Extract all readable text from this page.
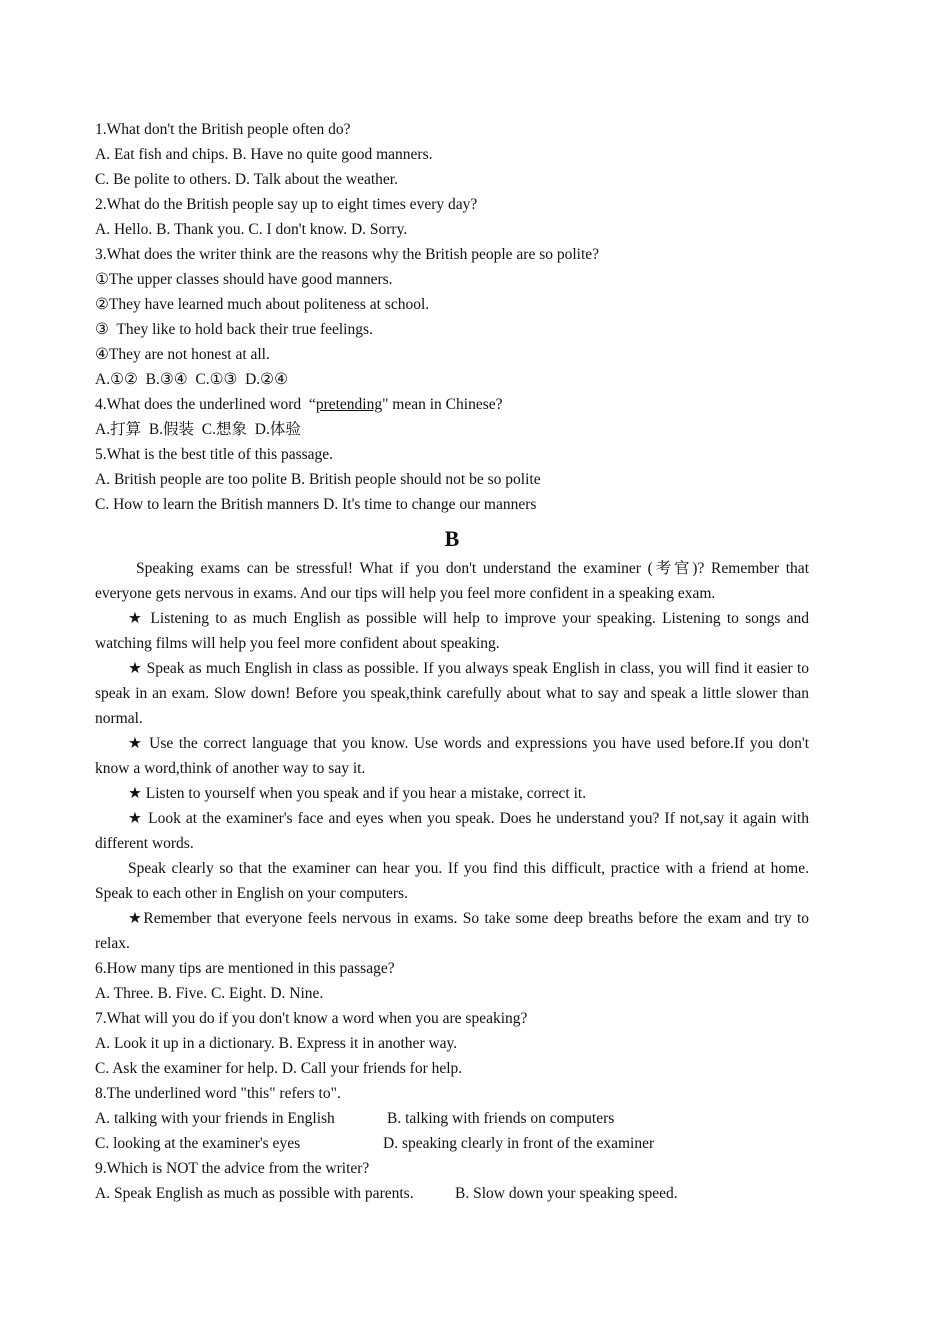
1.What don't the British people often do?
A. Eat fish and chips. B. Have no quite good manners.
C. Be polite to others. D. Talk about the weather.
2.What do the British people say up to eight times every day?
A. Hello. B. Thank you. C. I don't know. D. Sorry.
3.What does the writer think are the reasons why the British people are so polite?
①The upper classes should have good manners.
②They have learned much about politeness at school.
③  They like to hold back their true feelings.
④They are not honest at all.
A.①②  B.③④  C.①③  D.②④
4.What does the underlined word  “pretending" mean in Chinese?
A.打算  B.假装  C.想象  D.体验
5.What is the best title of this passage.
A. British people are too polite B. British people should not be so polite
C. How to learn the British manners D. It's time to change our manners
B
Speaking exams can be stressful! What if you don't understand the examiner (考官)? Remember that everyone gets nervous in exams. And our tips will help you feel more confident in a speaking exam.
★ Listening to as much English as possible will help to improve your speaking. Listening to songs and watching films will help you feel more confident about speaking.
★ Speak as much English in class as possible. If you always speak English in class, you will find it easier to speak in an exam. Slow down! Before you speak,think carefully about what to say and speak a little slower than normal.
★ Use the correct language that you know. Use words and expressions you have used before.If you don't know a word,think of another way to say it.
★ Listen to yourself when you speak and if you hear a mistake, correct it.
★ Look at the examiner's face and eyes when you speak. Does he understand you? If not,say it again with different words.
Speak clearly so that the examiner can hear you. If you find this difficult, practice with a friend at home. Speak to each other in English on your computers.
★Remember that everyone feels nervous in exams. So take some deep breaths before the exam and try to relax.
6.How many tips are mentioned in this passage?
A. Three. B. Five. C. Eight. D. Nine.
7.What will you do if you don't know a word when you are speaking?
A. Look it up in a dictionary. B. Express it in another way.
C. Ask the examiner for help. D. Call your friends for help.
8.The underlined word "this" refers to".
A. talking with your friends in English	B. talking with friends on computers
C. looking at the examiner's eyes	D. speaking clearly in front of the examiner
9.Which is NOT the advice from the writer?
A. Speak English as much as possible with parents.	B. Slow down your speaking speed.
